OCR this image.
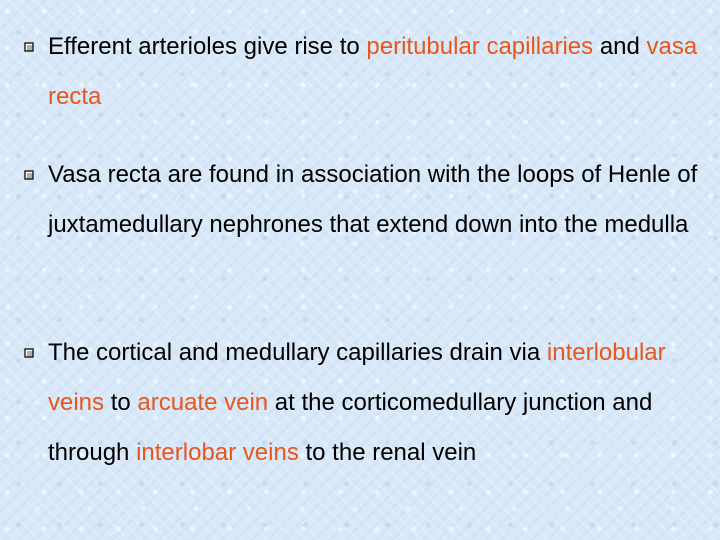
Efferent arterioles give rise to peritubular capillaries and vasa recta
Vasa recta are found in association with the loops of Henle of juxtamedullary nephrones that extend down into the medulla
The cortical and medullary capillaries drain via interlobular veins to arcuate vein at the corticomedullary junction and through interlobar veins to the renal vein
